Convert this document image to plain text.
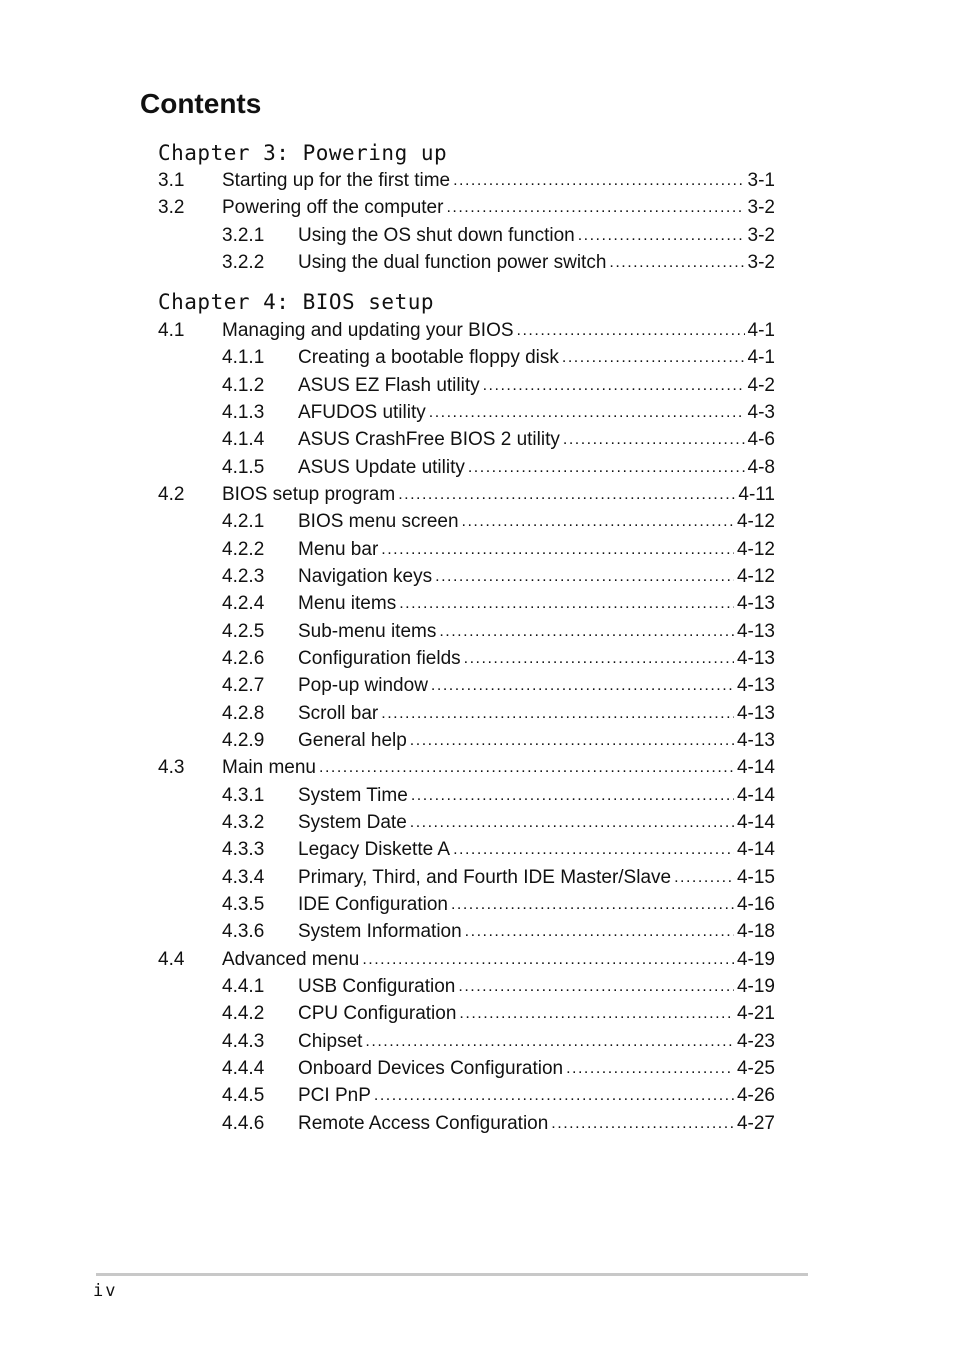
Contents
Chapter 3: Powering up
3.1	Starting up for the first time .....	3-1
3.2	Powering off the computer .....	3-2
3.2.1	Using the OS shut down function .....	3-2
3.2.2	Using the dual function power switch .....	3-2
Chapter 4: BIOS setup
4.1	Managing and updating your BIOS .....	4-1
4.1.1	Creating a bootable floppy disk .....	4-1
4.1.2	ASUS EZ Flash utility .....	4-2
4.1.3	AFUDOS utility .....	4-3
4.1.4	ASUS CrashFree BIOS 2 utility .....	4-6
4.1.5	ASUS Update utility .....	4-8
4.2	BIOS setup program .....	4-11
4.2.1	BIOS menu screen .....	4-12
4.2.2	Menu bar .....	4-12
4.2.3	Navigation keys .....	4-12
4.2.4	Menu items .....	4-13
4.2.5	Sub-menu items .....	4-13
4.2.6	Configuration fields .....	4-13
4.2.7	Pop-up window .....	4-13
4.2.8	Scroll bar .....	4-13
4.2.9	General help .....	4-13
4.3	Main menu .....	4-14
4.3.1	System Time .....	4-14
4.3.2	System Date .....	4-14
4.3.3	Legacy Diskette A .....	4-14
4.3.4	Primary, Third, and Fourth IDE Master/Slave .....	4-15
4.3.5	IDE Configuration .....	4-16
4.3.6	System Information .....	4-18
4.4	Advanced menu .....	4-19
4.4.1	USB Configuration .....	4-19
4.4.2	CPU Configuration .....	4-21
4.4.3	Chipset .....	4-23
4.4.4	Onboard Devices Configuration .....	4-25
4.4.5	PCI PnP .....	4-26
4.4.6	Remote Access Configuration .....	4-27
iv
